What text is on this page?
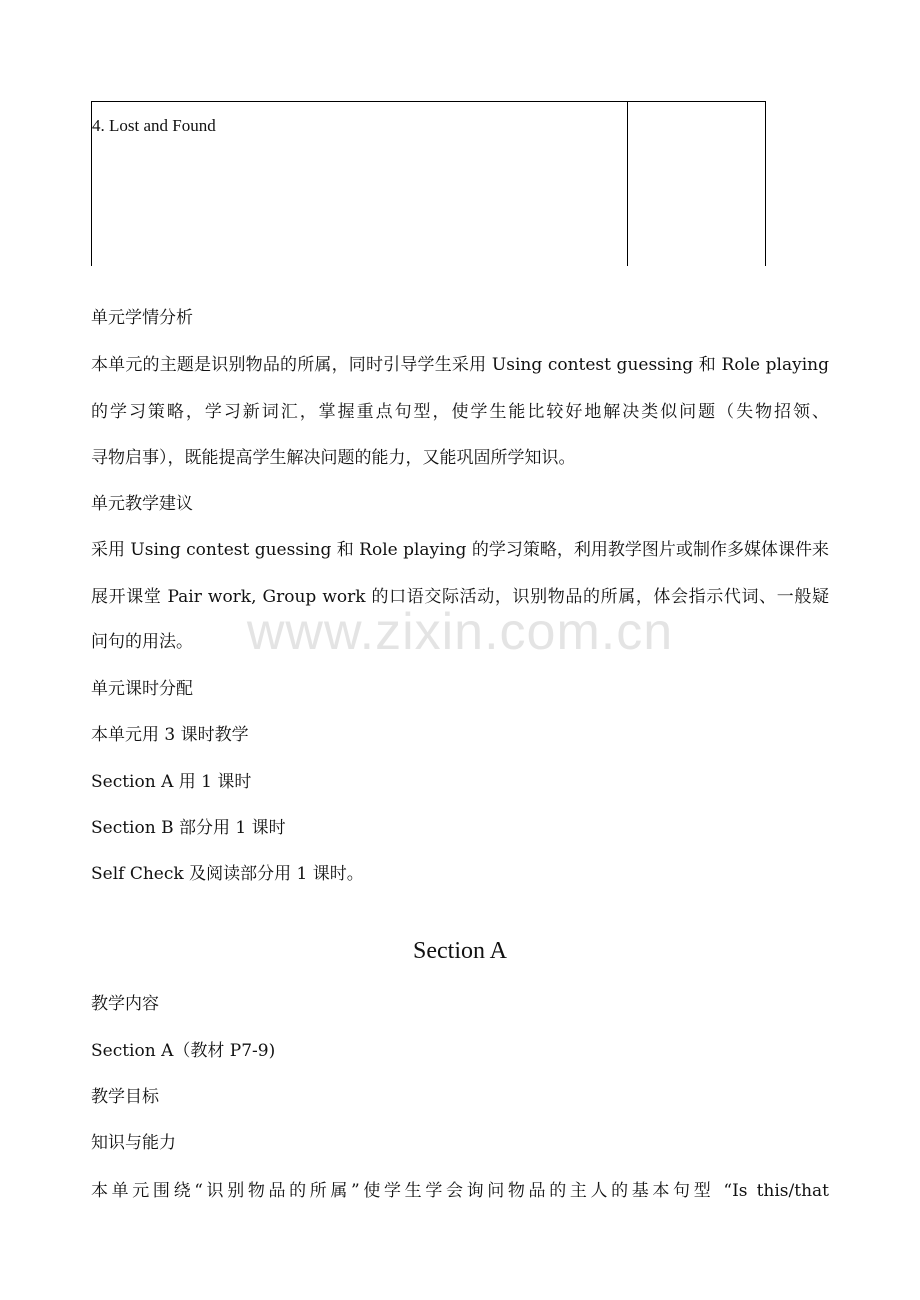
4. Lost and Found
www.zixin.com.cn
单元学情分析
本单元的主题是识别物品的所属，同时引导学生采用 Using contest guessing 和 Role playing
的学习策略，学习新词汇，掌握重点句型，使学生能比较好地解决类似问题（失物招领、
寻物启事），既能提高学生解决问题的能力，又能巩固所学知识。
单元教学建议
采用 Using contest guessing 和 Role playing 的学习策略，利用教学图片或制作多媒体课件来
展开课堂 Pair work, Group work 的口语交际活动，识别物品的所属，体会指示代词、一般疑
问句的用法。
单元课时分配
本单元用 3 课时教学
Section A 用 1 课时
Section B 部分用 1 课时
Self Check 及阅读部分用 1 课时。
Section A
教学内容
Section A（教材 P7-9)
教学目标
知识与能力
本单元围绕“识别物品的所属”使学生学会询问物品的主人的基本句型 “Is this/that
